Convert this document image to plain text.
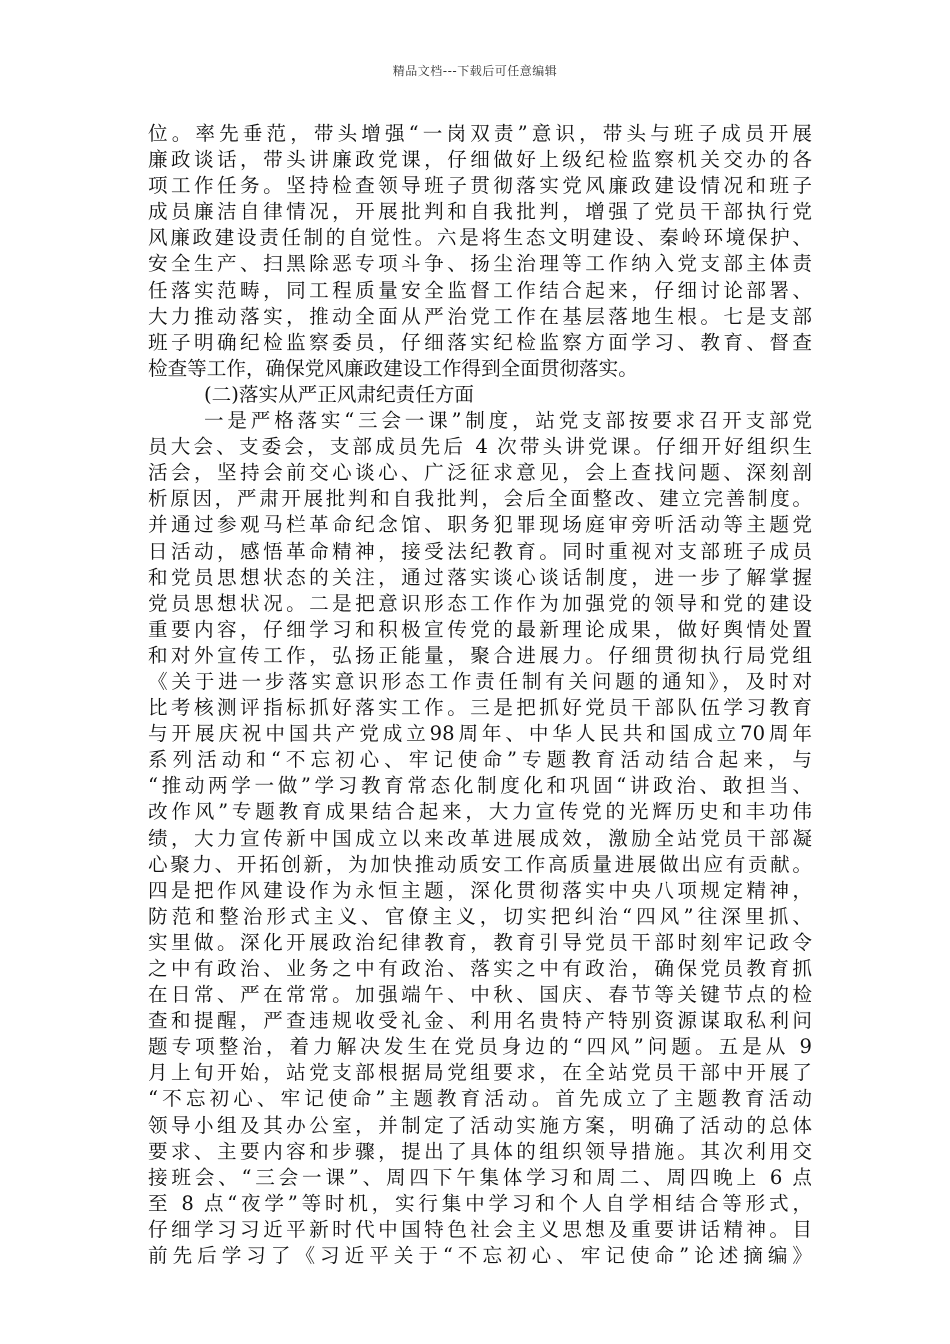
精品文档---下载后可任意编辑
位。率先垂范，带头增强“一岗双责”意识，带头与班子成员开展
廉政谈话，带头讲廉政党课，仔细做好上级纪检监察机关交办的各
项工作任务。坚持检查领导班子贯彻落实党风廉政建设情况和班子
成员廉洁自律情况，开展批判和自我批判，增强了党员干部执行党
风廉政建设责任制的自觉性。六是将生态文明建设、秦岭环境保护、
安全生产、扫黑除恶专项斗争、扬尘治理等工作纳入党支部主体责
任落实范畴，同工程质量安全监督工作结合起来，仔细讨论部署、
大力推动落实，推动全面从严治党工作在基层落地生根。七是支部
班子明确纪检监察委员，仔细落实纪检监察方面学习、教育、督查
检查等工作，确保党风廉政建设工作得到全面贯彻落实。
(二)落实从严正风肃纪责任方面
一是严格落实“三会一课”制度，站党支部按要求召开支部党
员大会、支委会，支部成员先后 4 次带头讲党课。仔细开好组织生
活会，坚持会前交心谈心、广泛征求意见，会上查找问题、深刻剖
析原因，严肃开展批判和自我批判，会后全面整改、建立完善制度。
并通过参观马栏革命纪念馆、职务犯罪现场庭审旁听活动等主题党
日活动，感悟革命精神，接受法纪教育。同时重视对支部班子成员
和党员思想状态的关注，通过落实谈心谈话制度，进一步了解掌握
党员思想状况。二是把意识形态工作作为加强党的领导和党的建设
重要内容，仔细学习和积极宣传党的最新理论成果，做好舆情处置
和对外宣传工作，弘扬正能量，聚合进展力。仔细贯彻执行局党组
《关于进一步落实意识形态工作责任制有关问题的通知》，及时对
比考核测评指标抓好落实工作。三是把抓好党员干部队伍学习教育
与开展庆祝中国共产党成立98周年、中华人民共和国成立70周年
系列活动和“不忘初心、牢记使命”专题教育活动结合起来，与
“推动两学一做”学习教育常态化制度化和巩固“讲政治、敢担当、
改作风”专题教育成果结合起来，大力宣传党的光辉历史和丰功伟
绩，大力宣传新中国成立以来改革进展成效，激励全站党员干部凝
心聚力、开拓创新，为加快推动质安工作高质量进展做出应有贡献。
四是把作风建设作为永恒主题，深化贯彻落实中央八项规定精神，
防范和整治形式主义、官僚主义，切实把纠治“四风”往深里抓、
实里做。深化开展政治纪律教育，教育引导党员干部时刻牢记政令
之中有政治、业务之中有政治、落实之中有政治，确保党员教育抓
在日常、严在常常。加强端午、中秋、国庆、春节等关键节点的检
查和提醒，严查违规收受礼金、利用名贵特产特别资源谋取私利问
题专项整治，着力解决发生在党员身边的“四风”问题。五是从 9
月上旬开始，站党支部根据局党组要求，在全站党员干部中开展了
“不忘初心、牢记使命”主题教育活动。首先成立了主题教育活动
领导小组及其办公室，并制定了活动实施方案，明确了活动的总体
要求、主要内容和步骤，提出了具体的组织领导措施。其次利用交
接班会、“三会一课”、周四下午集体学习和周二、周四晚上 6 点
至 8 点“夜学”等时机，实行集中学习和个人自学相结合等形式，
仔细学习习近平新时代中国特色社会主义思想及重要讲话精神。目
前先后学习了《习近平关于“不忘初心、牢记使命”论述摘编》
